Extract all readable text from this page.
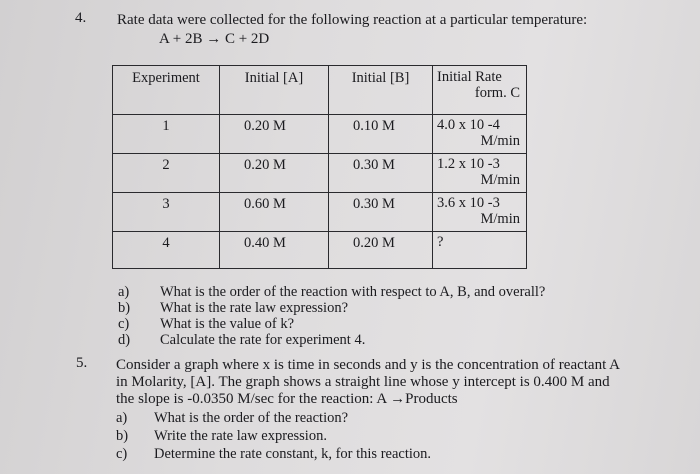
4. Rate data were collected for the following reaction at a particular temperature:
A + 2B → C + 2D
Experiment	Initial [A]	Initial [B]	Initial Rate
form. C

1	0.20 M	0.10 M	4.0 x 10 -4
M/min

2	0.20 M	0.30 M	1.2 x 10 -3
M/min

3	0.60 M	0.30 M	3.6 x 10 -3
M/min

4	0.40 M	0.20 M	?
a) What is the order of the reaction with respect to A, B, and overall?
b) What is the rate law expression?
c) What is the value of k?
d) Calculate the rate for experiment 4.
5. Consider a graph where x is time in seconds and y is the concentration of reactant A
in Molarity, [A]. The graph shows a straight line whose y intercept is 0.400 M and
the slope is -0.0350 M/sec for the reaction: A →Products
a) What is the order of the reaction?
b) Write the rate law expression.
c) Determine the rate constant, k, for this reaction.
